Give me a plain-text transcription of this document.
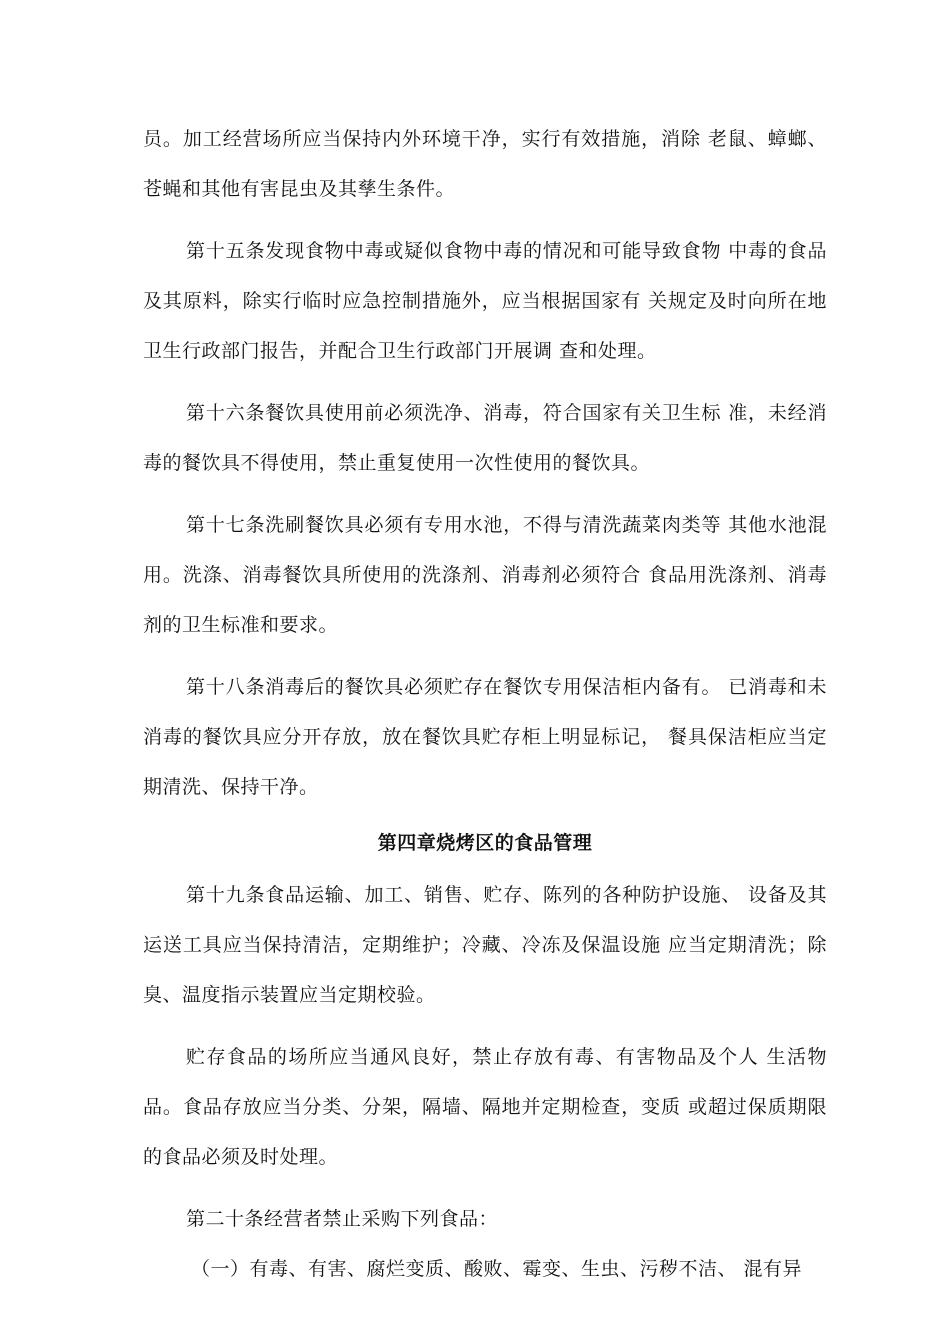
员。加工经营场所应当保持内外环境干净，实行有效措施，消除 老鼠、蟑螂、苍蝇和其他有害昆虫及其孳生条件。

第十五条发现食物中毒或疑似食物中毒的情况和可能导致食物 中毒的食品及其原料，除实行临时应急控制措施外，应当根据国家有 关规定及时向所在地卫生行政部门报告，并配合卫生行政部门开展调 查和处理。

第十六条餐饮具使用前必须洗净、消毒，符合国家有关卫生标 准，未经消毒的餐饮具不得使用，禁止重复使用一次性使用的餐饮具。

第十七条洗刷餐饮具必须有专用水池，不得与清洗蔬菜肉类等 其他水池混用。洗涤、消毒餐饮具所使用的洗涤剂、消毒剂必须符合 食品用洗涤剂、消毒剂的卫生标准和要求。

第十八条消毒后的餐饮具必须贮存在餐饮专用保洁柜内备有。 已消毒和未消毒的餐饮具应分开存放，放在餐饮具贮存柜上明显标记， 餐具保洁柜应当定期清洗、保持干净。

第四章烧烤区的食品管理

第十九条食品运输、加工、销售、贮存、陈列的各种防护设施、 设备及其运送工具应当保持清洁，定期维护；冷藏、冷冻及保温设施 应当定期清洗；除臭、温度指示装置应当定期校验。

贮存食品的场所应当通风良好，禁止存放有毒、有害物品及个人 生活物品。食品存放应当分类、分架，隔墙、隔地并定期检查，变质 或超过保质期限的食品必须及时处理。

第二十条经营者禁止采购下列食品：

（一）有毒、有害、腐烂变质、酸败、霉变、生虫、污秽不洁、 混有异
